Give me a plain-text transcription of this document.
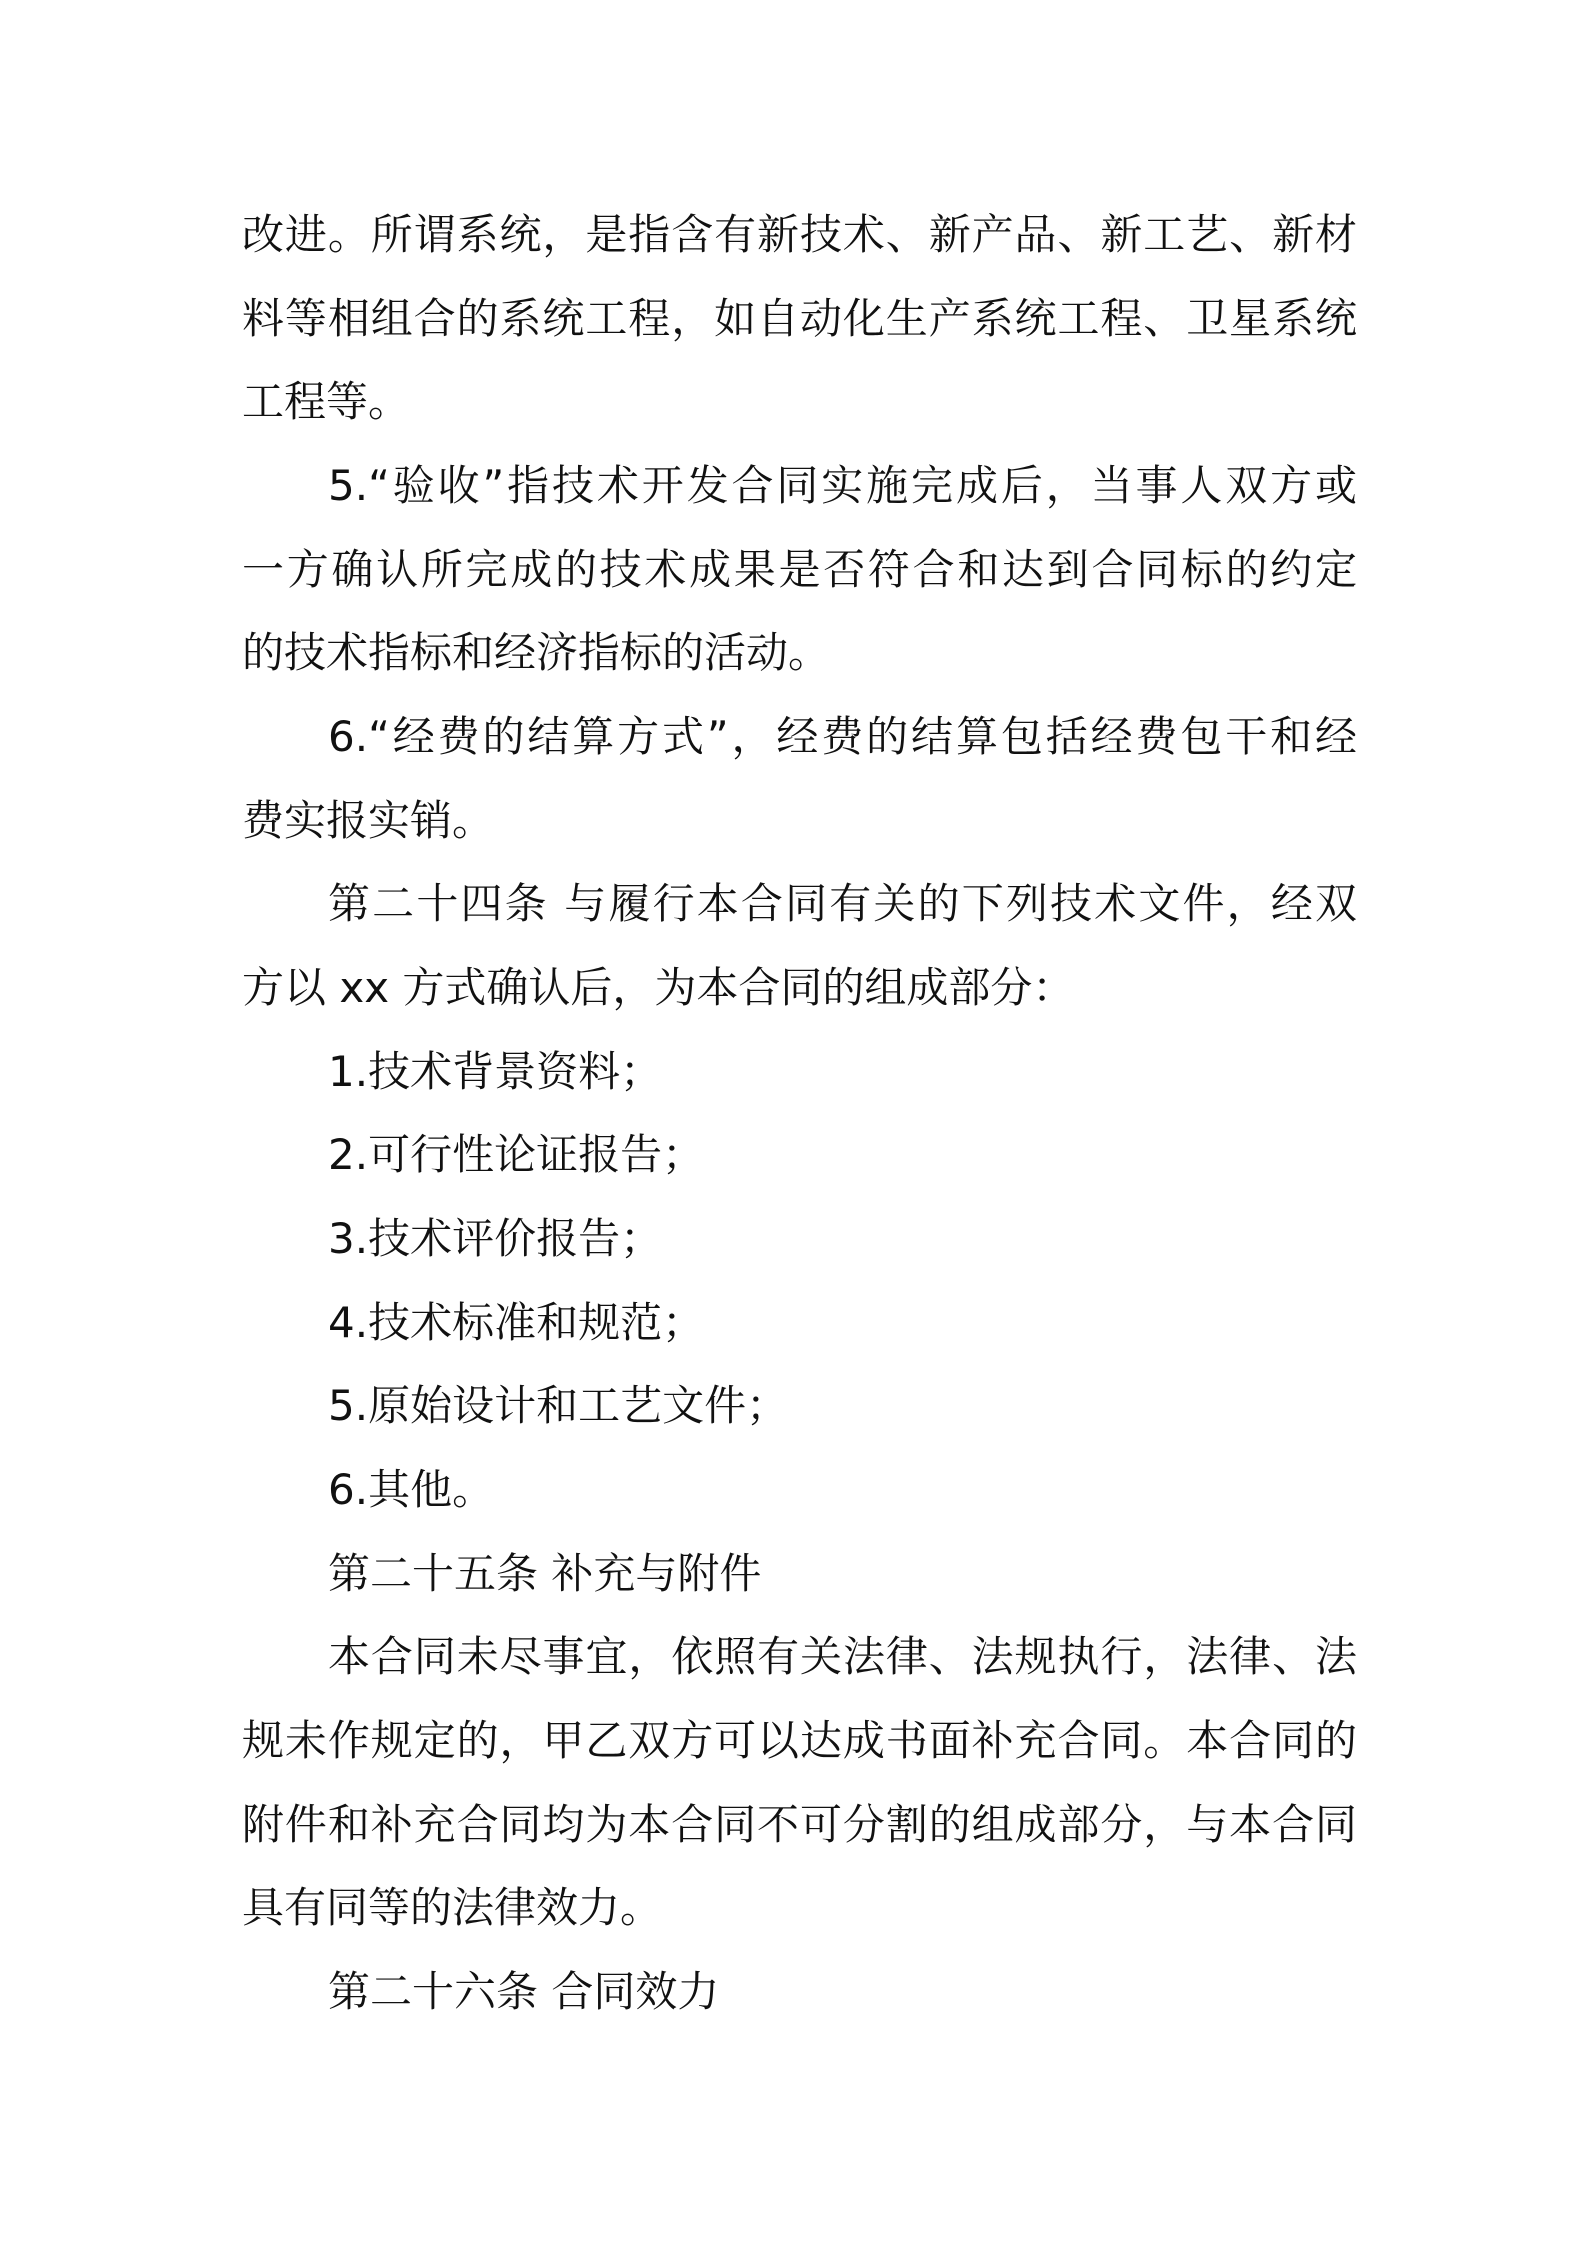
改进。所谓系统，是指含有新技术、新产品、新工艺、新材

料等相组合的系统工程，如自动化生产系统工程、卫星系统

工程等。

5.“验收”指技术开发合同实施完成后，当事人双方或

一方确认所完成的技术成果是否符合和达到合同标的约定

的技术指标和经济指标的活动。

6.“经费的结算方式”，经费的结算包括经费包干和经

费实报实销。

第二十四条 与履行本合同有关的下列技术文件，经双

方以 xx 方式确认后，为本合同的组成部分：

1.技术背景资料；

2.可行性论证报告；

3.技术评价报告；

4.技术标准和规范；

5.原始设计和工艺文件；

6.其他。

第二十五条 补充与附件

本合同未尽事宜，依照有关法律、法规执行，法律、法

规未作规定的，甲乙双方可以达成书面补充合同。本合同的

附件和补充合同均为本合同不可分割的组成部分，与本合同

具有同等的法律效力。

第二十六条 合同效力
